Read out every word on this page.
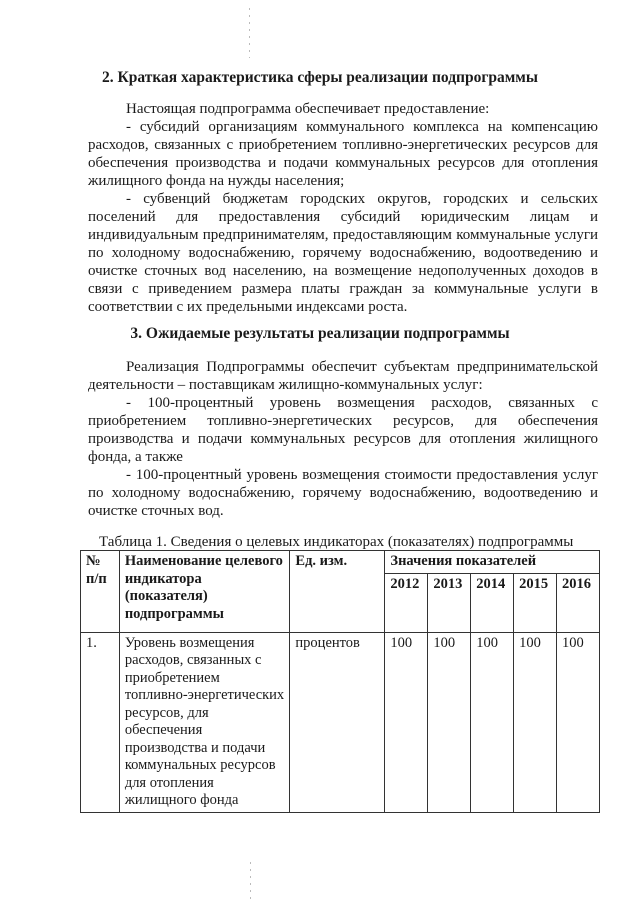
2. Краткая характеристика сферы реализации подпрограммы

Настоящая подпрограмма обеспечивает предоставление:

- субсидий организациям коммунального комплекса на компенсацию расходов, связанных с приобретением топливно-энергетических ресурсов для обеспечения производства и подачи коммунальных ресурсов для отопления жилищного фонда на нужды населения;

- субвенций бюджетам городских округов, городских и сельских поселений для предоставления субсидий юридическим лицам и индивидуальным предпринимателям, предоставляющим коммунальные услуги по холодному водоснабжению, горячему водоснабжению, водоотведению и очистке сточных вод населению, на возмещение недополученных доходов в связи с приведением размера платы граждан за коммунальные услуги в соответствии с их предельными индексами роста.

3. Ожидаемые результаты реализации подпрограммы

Реализация Подпрограммы обеспечит субъектам предпринимательской деятельности – поставщикам жилищно-коммунальных услуг:

- 100-процентный уровень возмещения расходов, связанных с приобретением топливно-энергетических ресурсов, для обеспечения производства и подачи коммунальных ресурсов для отопления жилищного фонда, а также

- 100-процентный уровень возмещения стоимости предоставления услуг по холодному водоснабжению, горячему водоснабжению, водоотведению и очистке сточных вод.

Таблица 1. Сведения о целевых индикаторах (показателях) подпрограммы

№ п/п	Наименование целевого индикатора (показателя) подпрограммы	Ед. изм.	Значения показателей				
			2012	2013	2014	2015	2016
1.	Уровень возмещения расходов, связанных с приобретением топливно-энергетических ресурсов, для обеспечения производства и подачи коммунальных ресурсов для отопления жилищного фонда	процентов	100	100	100	100	100
